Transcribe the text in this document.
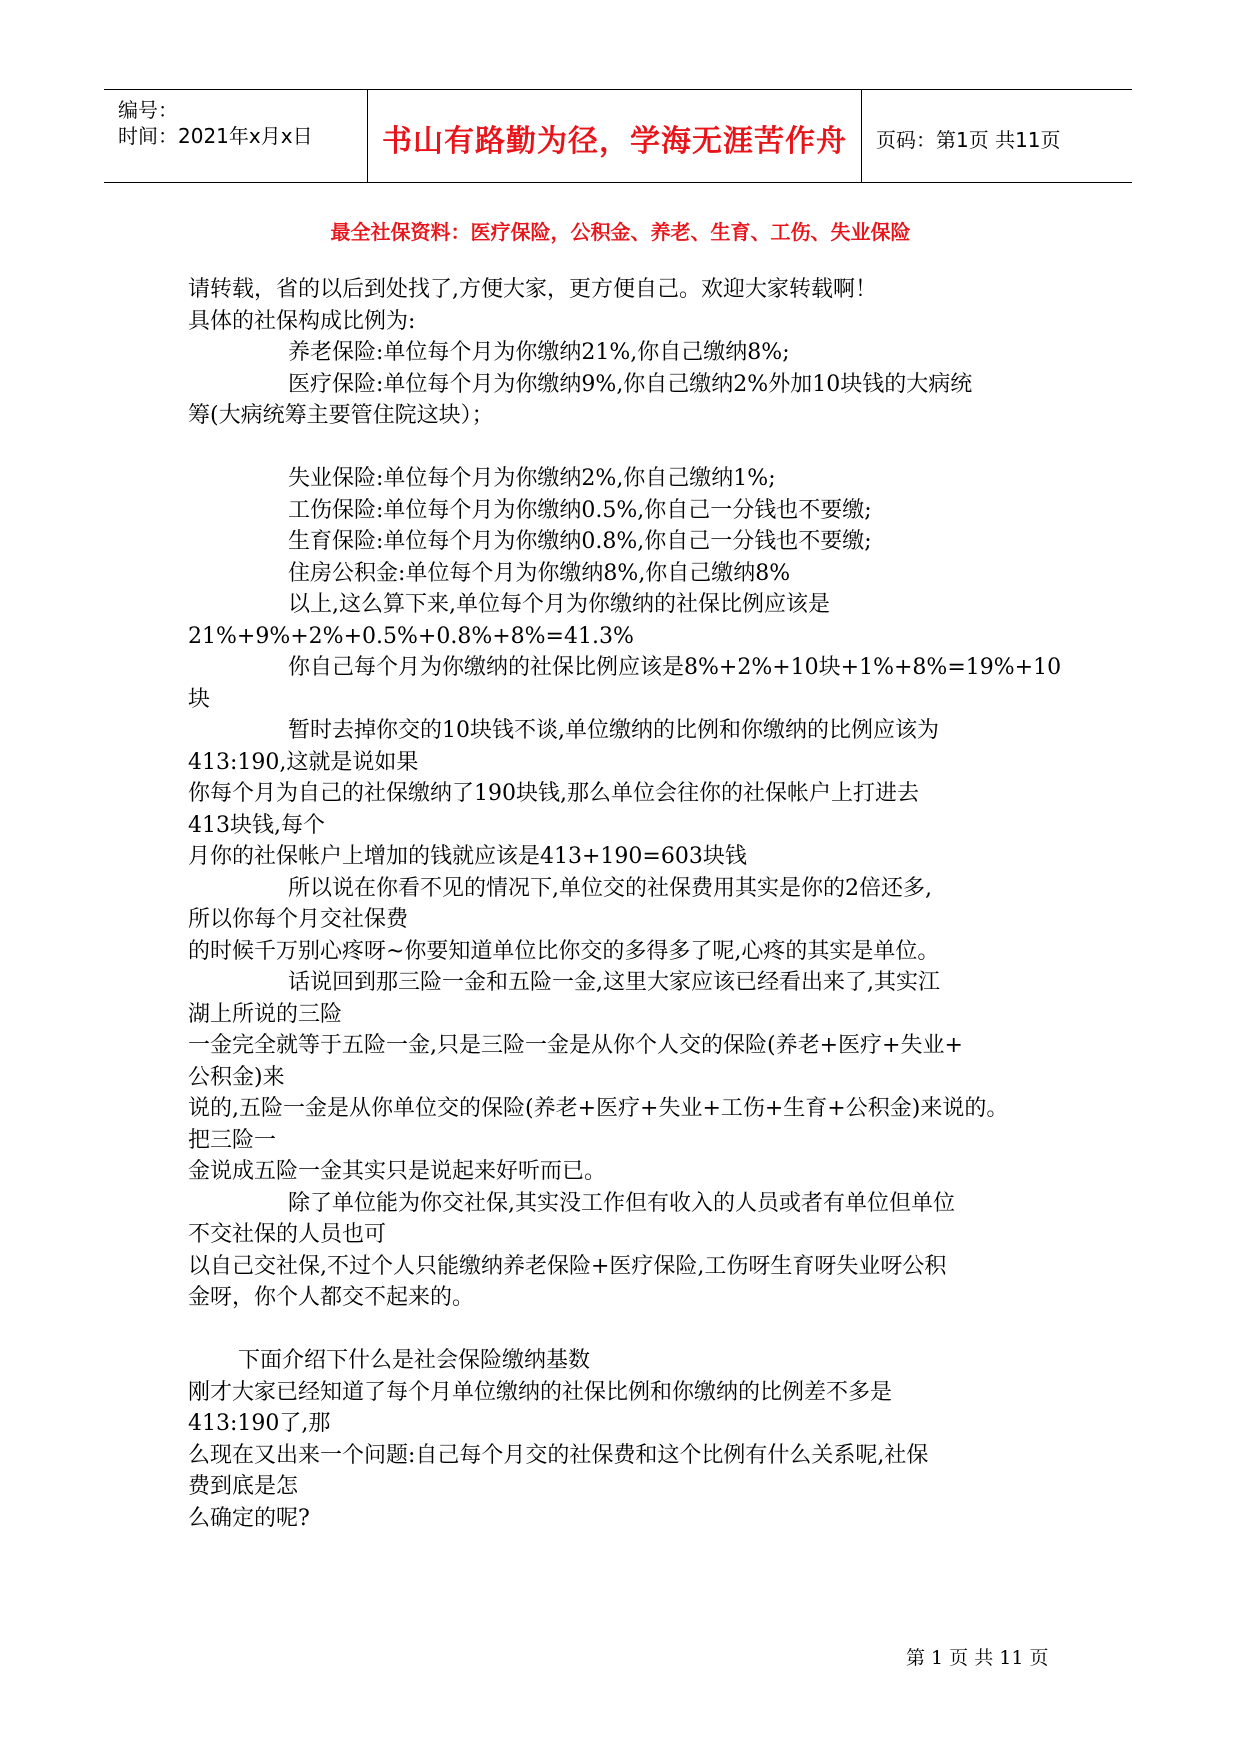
编号：
时间：2021年x月x日	书山有路勤为径，学海无涯苦作舟	页码：第1页 共11页
最全社保资料：医疗保险，公积金、养老、生育、工伤、失业保险
请转载，省的以后到处找了,方便大家，更方便自己。欢迎大家转载啊！
具体的社保构成比例为:
养老保险:单位每个月为你缴纳21%,你自己缴纳8%;
医疗保险:单位每个月为你缴纳9%,你自己缴纳2%外加10块钱的大病统
筹(大病统筹主要管住院这块）；
失业保险:单位每个月为你缴纳2%,你自己缴纳1%;
工伤保险:单位每个月为你缴纳0.5%,你自己一分钱也不要缴;
生育保险:单位每个月为你缴纳0.8%,你自己一分钱也不要缴;
住房公积金:单位每个月为你缴纳8%,你自己缴纳8%
以上,这么算下来,单位每个月为你缴纳的社保比例应该是
21%+9%+2%+0.5%+0.8%+8%=41.3%
你自己每个月为你缴纳的社保比例应该是8%+2%+10块+1%+8%=19%+10
块
暂时去掉你交的10块钱不谈,单位缴纳的比例和你缴纳的比例应该为
413:190,这就是说如果
你每个月为自己的社保缴纳了190块钱,那么单位会往你的社保帐户上打进去
413块钱,每个
月你的社保帐户上增加的钱就应该是413+190=603块钱
所以说在你看不见的情况下,单位交的社保费用其实是你的2倍还多,
所以你每个月交社保费
的时候千万别心疼呀~你要知道单位比你交的多得多了呢,心疼的其实是单位。
话说回到那三险一金和五险一金,这里大家应该已经看出来了,其实江
湖上所说的三险
一金完全就等于五险一金,只是三险一金是从你个人交的保险(养老+医疗+失业+
公积金)来
说的,五险一金是从你单位交的保险(养老+医疗+失业+工伤+生育+公积金)来说的。
把三险一
金说成五险一金其实只是说起来好听而已。
除了单位能为你交社保,其实没工作但有收入的人员或者有单位但单位
不交社保的人员也可
以自己交社保,不过个人只能缴纳养老保险+医疗保险,工伤呀生育呀失业呀公积
金呀，你个人都交不起来的。
下面介绍下什么是社会保险缴纳基数
刚才大家已经知道了每个月单位缴纳的社保比例和你缴纳的比例差不多是
413:190了,那
么现在又出来一个问题:自己每个月交的社保费和这个比例有什么关系呢,社保
费到底是怎
么确定的呢?
第 1 页 共 11 页
